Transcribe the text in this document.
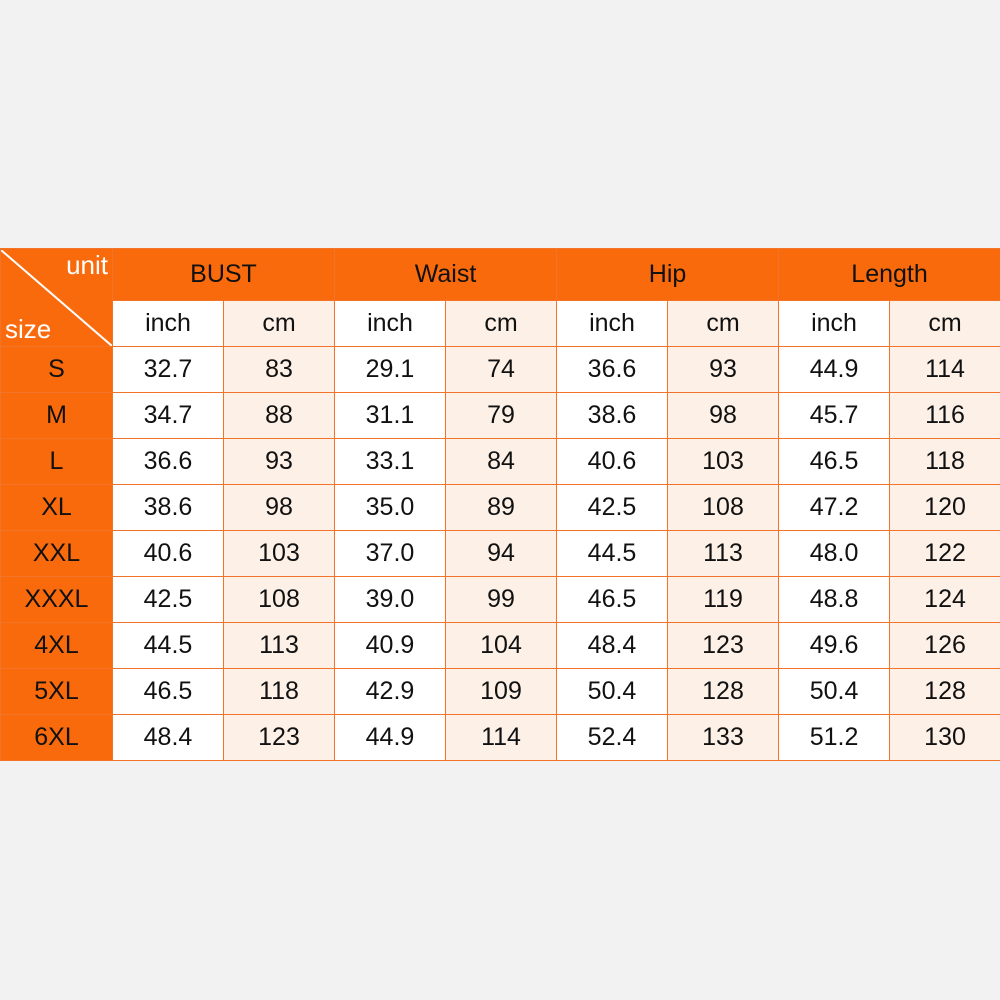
unit
size	BUST		Waist		Hip		Length	
	inch	cm	inch	cm	inch	cm	inch	cm
S	32.7	83	29.1	74	36.6	93	44.9	114
M	34.7	88	31.1	79	38.6	98	45.7	116
L	36.6	93	33.1	84	40.6	103	46.5	118
XL	38.6	98	35.0	89	42.5	108	47.2	120
XXL	40.6	103	37.0	94	44.5	113	48.0	122
XXXL	42.5	108	39.0	99	46.5	119	48.8	124
4XL	44.5	113	40.9	104	48.4	123	49.6	126
5XL	46.5	118	42.9	109	50.4	128	50.4	128
6XL	48.4	123	44.9	114	52.4	133	51.2	130
